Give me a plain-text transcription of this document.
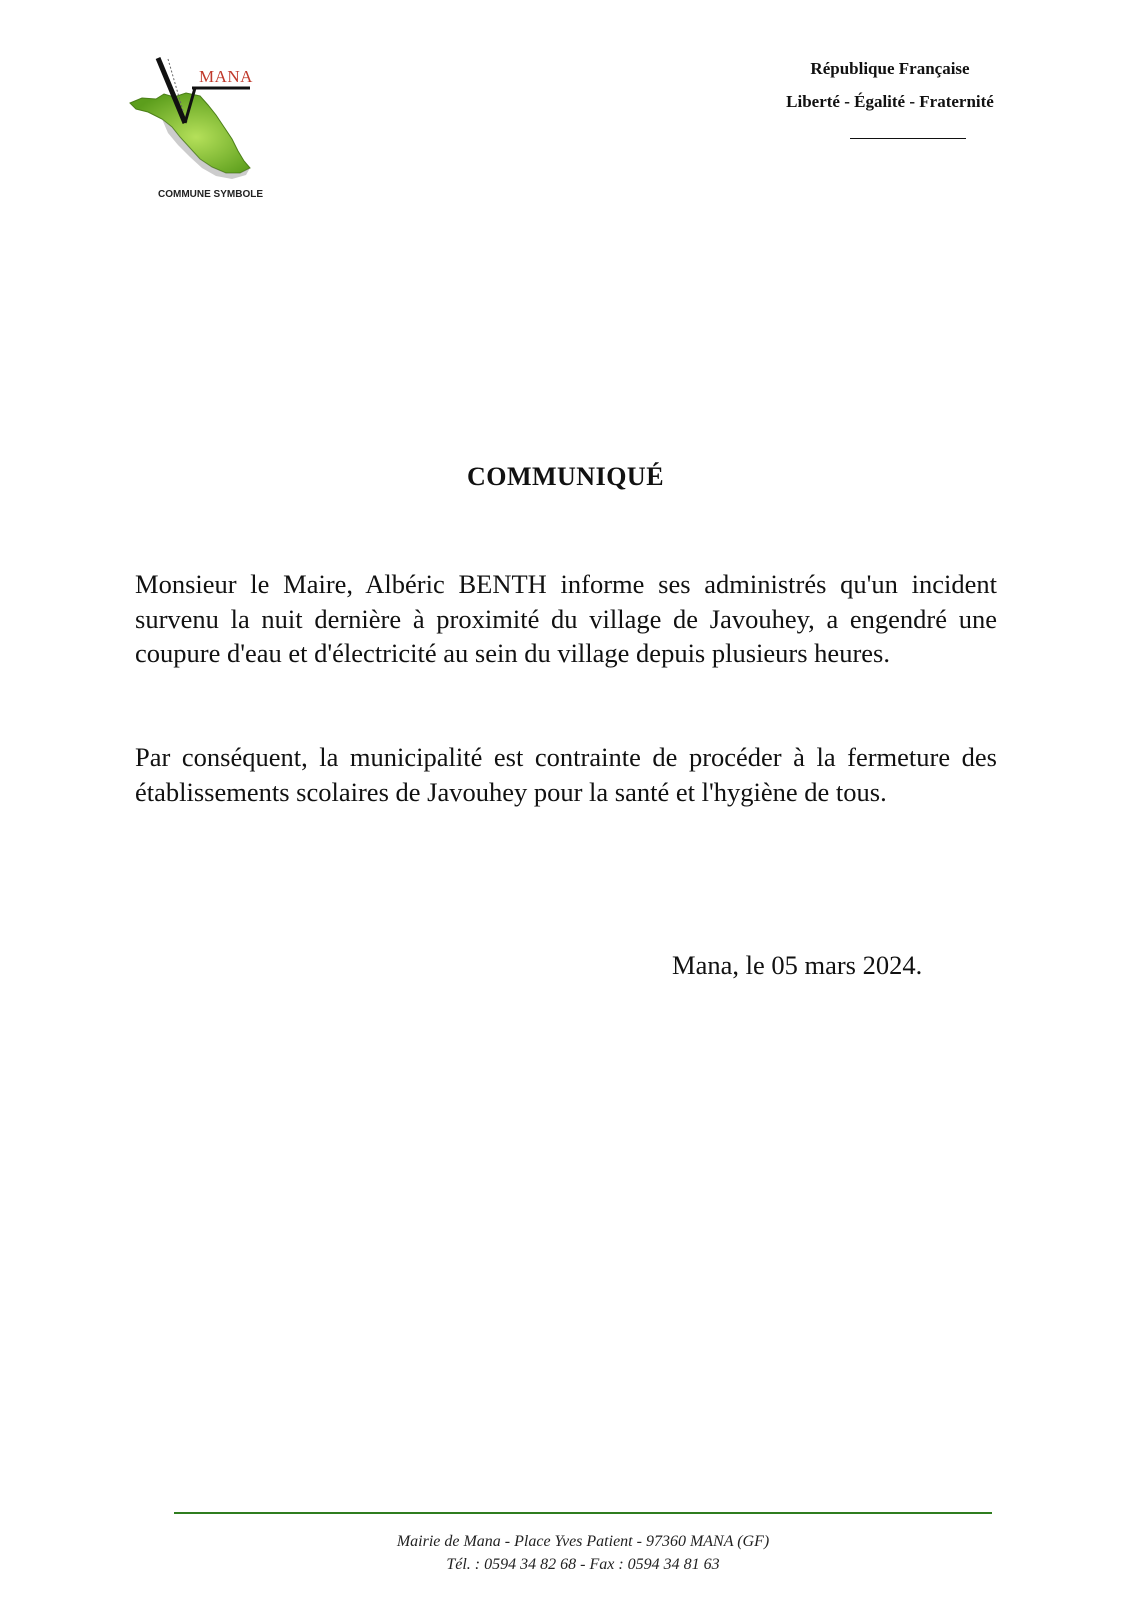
MANA
COMMUNE SYMBOLE
République Française
Liberté - Égalité - Fraternité
COMMUNIQUÉ

Monsieur le Maire, Albéric BENTH informe ses administrés qu'un incident survenu la nuit dernière à proximité du village de Javouhey, a engendré une coupure d'eau et d'électricité au sein du village depuis plusieurs heures.

Par conséquent, la municipalité est contrainte de procéder à la fermeture des établissements scolaires de Javouhey pour la santé et l'hygiène de tous.

Mana, le 05 mars 2024.
Mairie de Mana - Place Yves Patient - 97360 MANA (GF)
Tél. : 0594 34 82 68 - Fax : 0594 34 81 63
